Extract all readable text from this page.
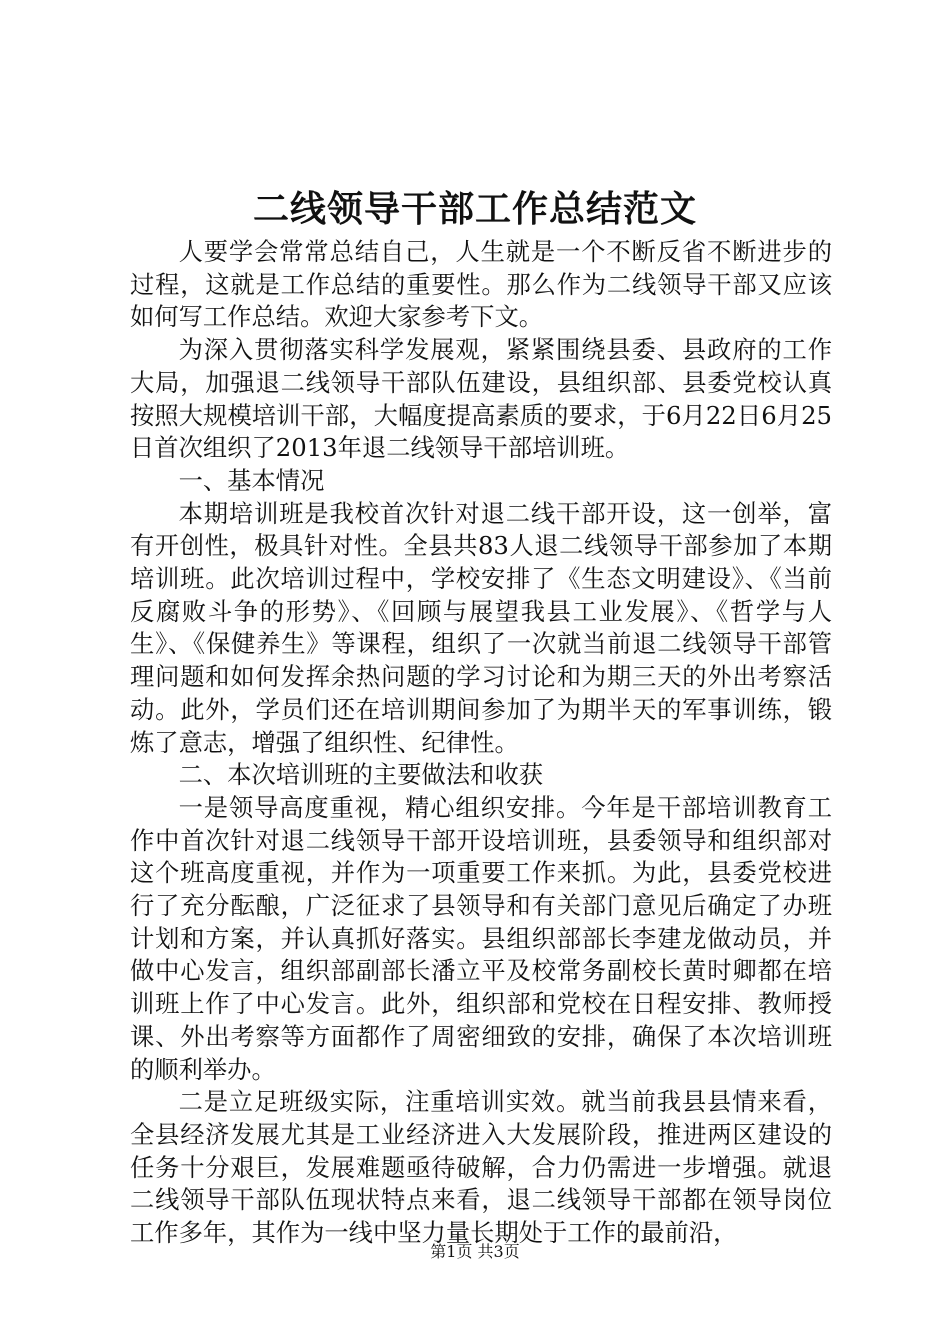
二线领导干部工作总结范文

人要学会常常总结自己，人生就是一个不断反省不断进步的过程，这就是工作总结的重要性。那么作为二线领导干部又应该如何写工作总结。欢迎大家参考下文。

为深入贯彻落实科学发展观，紧紧围绕县委、县政府的工作大局，加强退二线领导干部队伍建设，县组织部、县委党校认真按照大规模培训干部，大幅度提高素质的要求，于6月22日6月25日首次组织了2013年退二线领导干部培训班。

一、基本情况

本期培训班是我校首次针对退二线干部开设，这一创举，富有开创性，极具针对性。全县共83人退二线领导干部参加了本期培训班。此次培训过程中，学校安排了《生态文明建设》、《当前反腐败斗争的形势》、《回顾与展望我县工业发展》、《哲学与人生》、《保健养生》等课程，组织了一次就当前退二线领导干部管理问题和如何发挥余热问题的学习讨论和为期三天的外出考察活动。此外，学员们还在培训期间参加了为期半天的军事训练，锻炼了意志，增强了组织性、纪律性。

二、本次培训班的主要做法和收获

一是领导高度重视，精心组织安排。今年是干部培训教育工作中首次针对退二线领导干部开设培训班，县委领导和组织部对这个班高度重视，并作为一项重要工作来抓。为此，县委党校进行了充分酝酿，广泛征求了县领导和有关部门意见后确定了办班计划和方案，并认真抓好落实。县组织部部长李建龙做动员，并做中心发言，组织部副部长潘立平及校常务副校长黄时卿都在培训班上作了中心发言。此外，组织部和党校在日程安排、教师授课、外出考察等方面都作了周密细致的安排，确保了本次培训班的顺利举办。

二是立足班级实际，注重培训实效。就当前我县县情来看，全县经济发展尤其是工业经济进入大发展阶段，推进两区建设的任务十分艰巨，发展难题亟待破解，合力仍需进一步增强。就退二线领导干部队伍现状特点来看，退二线领导干部都在领导岗位工作多年，其作为一线中坚力量长期处于工作的最前沿，

第1页 共3页
